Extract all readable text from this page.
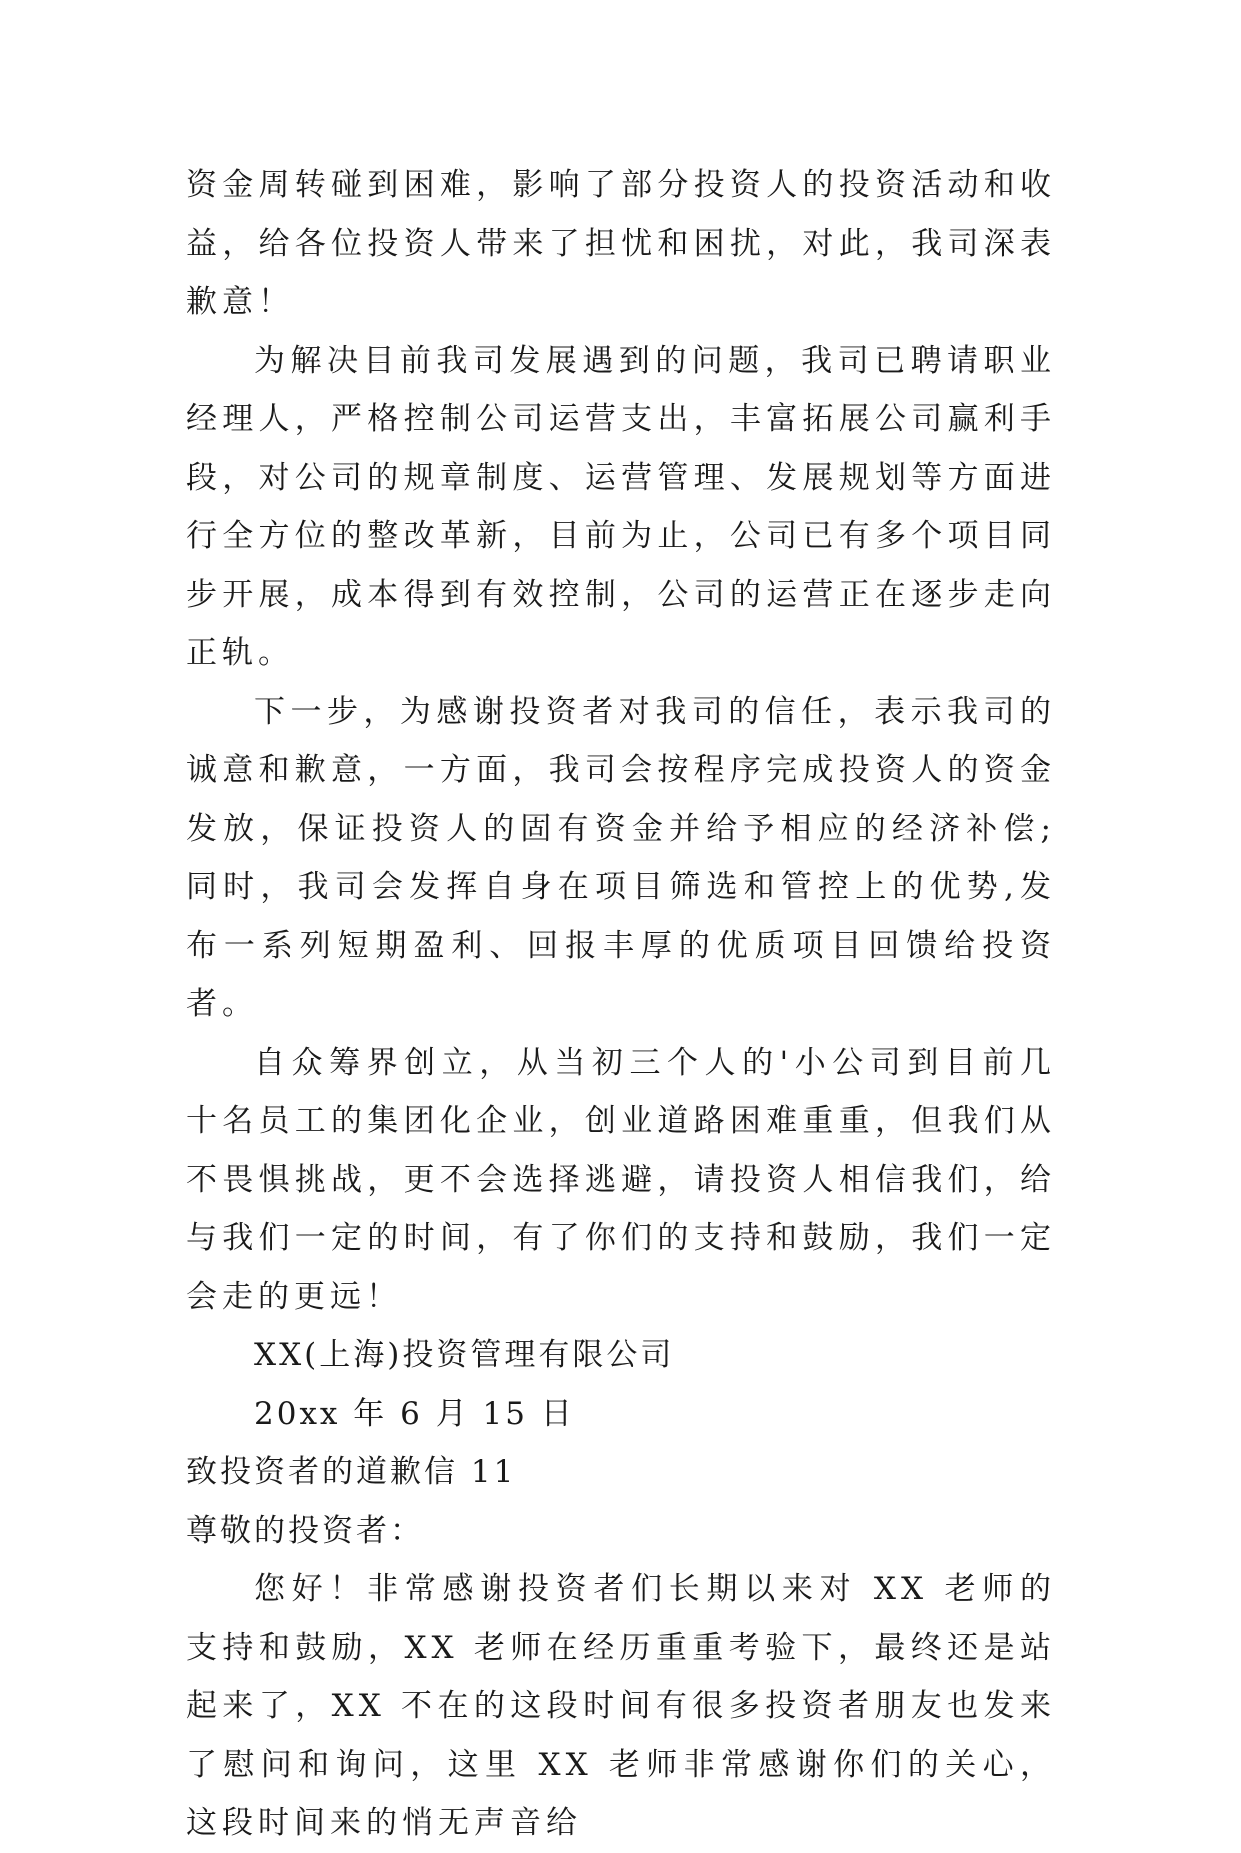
资金周转碰到困难，影响了部分投资人的投资活动和收益，给各位投资人带来了担忧和困扰，对此，我司深表歉意！

为解决目前我司发展遇到的问题，我司已聘请职业经理人，严格控制公司运营支出，丰富拓展公司赢利手段，对公司的规章制度、运营管理、发展规划等方面进行全方位的整改革新，目前为止，公司已有多个项目同步开展，成本得到有效控制，公司的运营正在逐步走向正轨。

下一步，为感谢投资者对我司的信任，表示我司的诚意和歉意，一方面，我司会按程序完成投资人的资金发放，保证投资人的固有资金并给予相应的经济补偿;同时，我司会发挥自身在项目筛选和管控上的优势,发布一系列短期盈利、回报丰厚的优质项目回馈给投资者。

自众筹界创立，从当初三个人的'小公司到目前几十名员工的集团化企业，创业道路困难重重，但我们从不畏惧挑战，更不会选择逃避，请投资人相信我们，给与我们一定的时间，有了你们的支持和鼓励，我们一定会走的更远！

XX(上海)投资管理有限公司

20xx 年 6 月 15 日

致投资者的道歉信 11

尊敬的投资者：

您好！非常感谢投资者们长期以来对 XX 老师的支持和鼓励，XX 老师在经历重重考验下，最终还是站起来了，XX 不在的这段时间有很多投资者朋友也发来了慰问和询问，这里 XX 老师非常感谢你们的关心，这段时间来的悄无声音给
